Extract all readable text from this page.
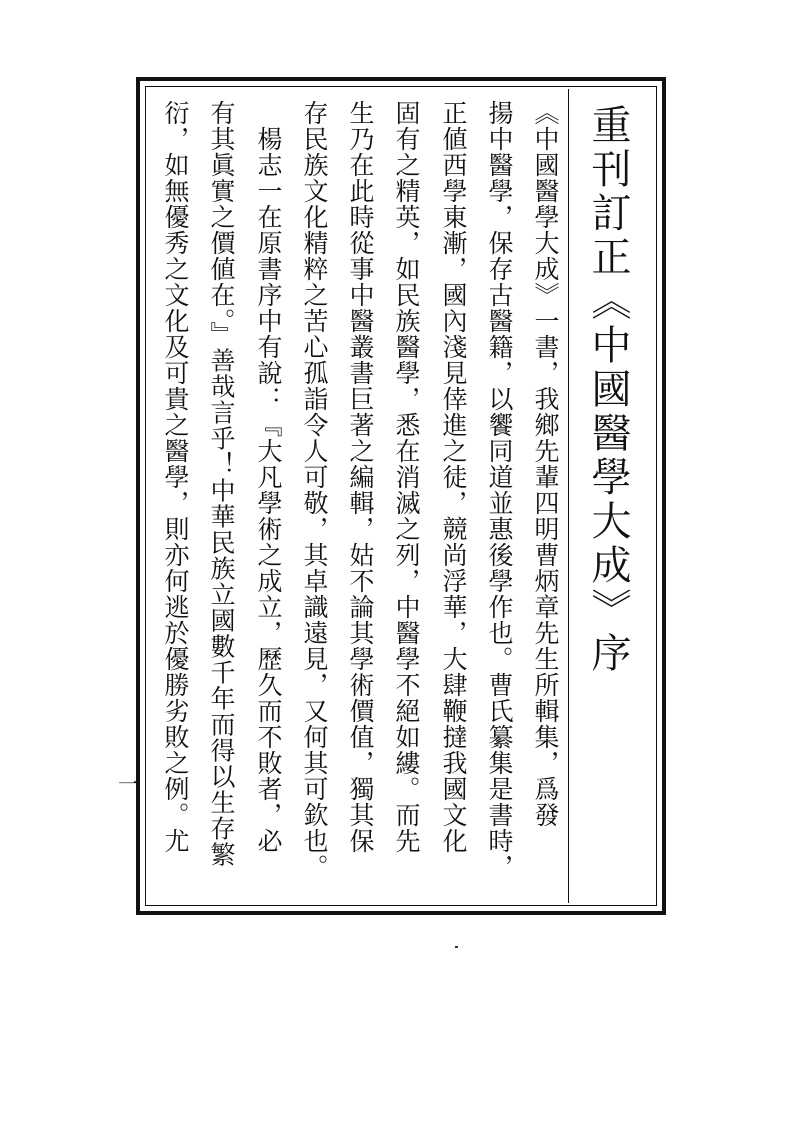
重刊訂正《中國醫學大成》序
《中國醫學大成》一書，我鄉先輩四明曹炳章先生所輯集，爲發
揚中醫學，保存古醫籍，以饗同道並惠後學作也。曹氏纂集是書時，
正値西學東漸，國內淺見倖進之徒，競尚浮華，大肆鞭撻我國文化
固有之精英，如民族醫學，悉在消滅之列，中醫學不絕如縷。而先
生乃在此時從事中醫叢書巨著之編輯，姑不論其學術價值，獨其保
存民族文化精粹之苦心孤詣令人可敬，其卓識遠見，又何其可欽也。
　楊志一在原書序中有說：『大凡學術之成立，歷久而不敗者，必
有其眞實之價値在。』善哉言乎！中華民族立國數千年而得以生存繁
衍，如無優秀之文化及可貴之醫學，則亦何逃於優勝劣敗之例。尤
一
